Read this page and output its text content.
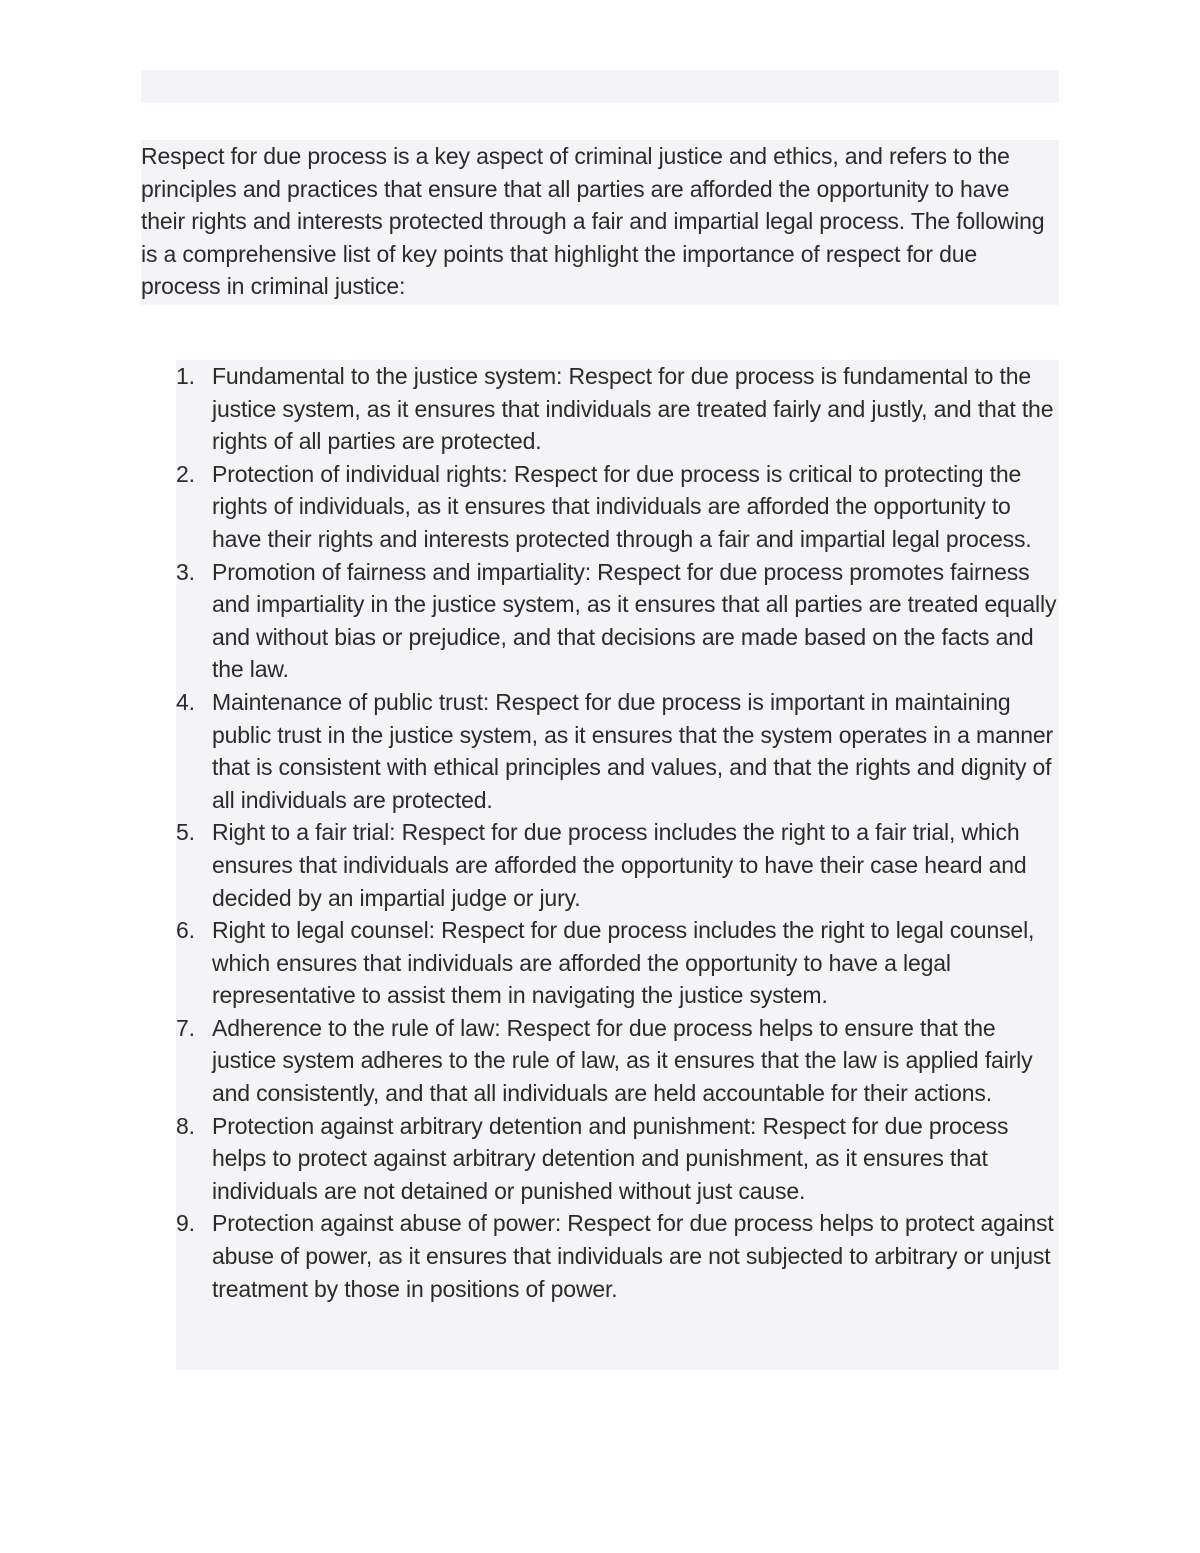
Respect for due process is a key aspect of criminal justice and ethics, and refers to the principles and practices that ensure that all parties are afforded the opportunity to have their rights and interests protected through a fair and impartial legal process. The following is a comprehensive list of key points that highlight the importance of respect for due process in criminal justice:

1. Fundamental to the justice system: Respect for due process is fundamental to the justice system, as it ensures that individuals are treated fairly and justly, and that the rights of all parties are protected.
2. Protection of individual rights: Respect for due process is critical to protecting the rights of individuals, as it ensures that individuals are afforded the opportunity to have their rights and interests protected through a fair and impartial legal process.
3. Promotion of fairness and impartiality: Respect for due process promotes fairness and impartiality in the justice system, as it ensures that all parties are treated equally and without bias or prejudice, and that decisions are made based on the facts and the law.
4. Maintenance of public trust: Respect for due process is important in maintaining public trust in the justice system, as it ensures that the system operates in a manner that is consistent with ethical principles and values, and that the rights and dignity of all individuals are protected.
5. Right to a fair trial: Respect for due process includes the right to a fair trial, which ensures that individuals are afforded the opportunity to have their case heard and decided by an impartial judge or jury.
6. Right to legal counsel: Respect for due process includes the right to legal counsel, which ensures that individuals are afforded the opportunity to have a legal representative to assist them in navigating the justice system.
7. Adherence to the rule of law: Respect for due process helps to ensure that the justice system adheres to the rule of law, as it ensures that the law is applied fairly and consistently, and that all individuals are held accountable for their actions.
8. Protection against arbitrary detention and punishment: Respect for due process helps to protect against arbitrary detention and punishment, as it ensures that individuals are not detained or punished without just cause.
9. Protection against abuse of power: Respect for due process helps to protect against abuse of power, as it ensures that individuals are not subjected to arbitrary or unjust treatment by those in positions of power.
